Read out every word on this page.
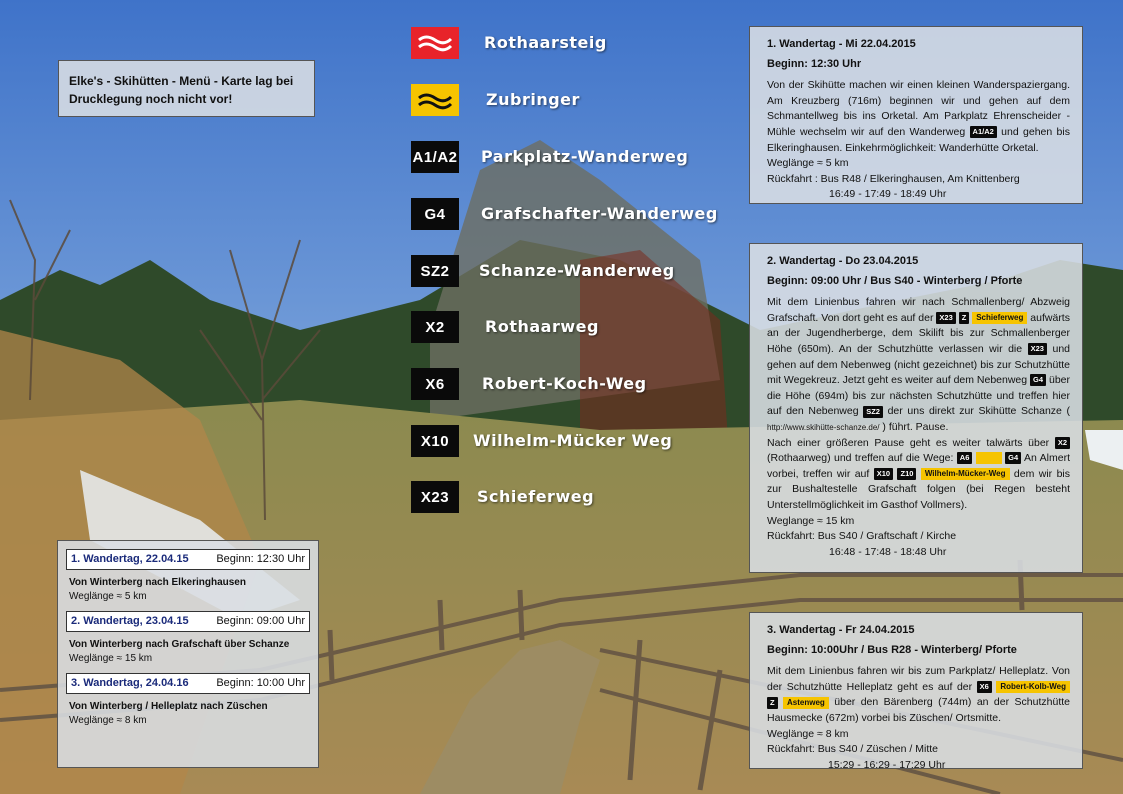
Elke's - Skihütten - Menü - Karte lag bei Drucklegung noch nicht vor!
Rothaarsteig
Zubringer
A1/A2 Parkplatz-Wanderweg
G4	Grafschafter-Wanderweg
SZ2	Schanze-Wanderweg
X2	Rothaarweg
X6	Robert-Koch-Weg
X10	Wilhelm-Mücker Weg
X23	Schieferweg
1. Wandertag - Mi 22.04.2015
Beginn: 12:30 Uhr

Von der Skihütte machen wir einen kleinen Wanderspaziergang. Am Kreuzberg (716m) beginnen wir und gehen auf dem Schmantellweg bis ins Orketal. Am Parkplatz Ehrenscheider - Mühle wechselm wir auf den Wanderweg A1/A2 und gehen bis Elkeringhausen. Einkehrmöglichkeit: Wanderhütte Orketal.

Weglänge ≈ 5 km
Rückfahrt : Bus R48 / Elkeringhausen, Am Knittenberg
16:49 - 17:49 - 18:49 Uhr
2. Wandertag - Do 23.04.2015
Beginn: 09:00 Uhr / Bus S40 - Winterberg / Pforte

Mit dem Linienbus fahren wir nach Schmallenberg/ Abzweig Grafschaft. Von dort geht es auf der X23 Z Schieferweg aufwärts an der Jugendherberge, dem Skilift bis zur Schmallenberger Höhe (650m). An der Schutzhütte verlassen wir die X23 und gehen auf dem Nebenweg (nicht gezeichnet) bis zur Schutzhütte mit Wegekreuz. Jetzt geht es weiter auf dem Nebenweg G4 über die Höhe (694m) bis zur nächsten Schutzhütte und treffen hier auf den Nebenweg SZ2 der uns direkt zur Skihütte Schanze ( http://www.skihütte-schanze.de/ ) führt. Pause.

Nach einer größeren Pause geht es weiter talwärts über X2 (Rothaarweg) und treffen auf die Wege: A6	G4 An Almert vorbei, treffen wir auf X10 Z10 Wilhelm-Mücker-Weg dem wir bis zur Bushaltestelle Grafschaft folgen (bei Regen besteht Unterstellmöglichkeit im Gasthof Vollmers).

Weglange ≈ 15 km
Rückfahrt: Bus S40 / Graftschaft / Kirche
16:48 - 17:48 - 18:48 Uhr
3. Wandertag - Fr 24.04.2015
Beginn: 10:00Uhr / Bus R28 - Winterberg/ Pforte

Mit dem Linienbus fahren wir bis zum Parkplatz/ Helleplatz. Von der Schutzhütte Helleplatz geht es auf der X6 Robert-Kolb-Weg Z Astenweg über den Bärenberg (744m) an der Schutzhütte Hausmecke (672m) vorbei bis Züschen/ Ortsmitte.

Weglänge ≈ 8 km
Rückfahrt: Bus S40 / Züschen / Mitte
15:29 - 16:29 - 17:29 Uhr
1. Wandertag, 22.04.15	Beginn: 12:30 Uhr
Von Winterberg nach Elkeringhausen
Weglänge ≈ 5 km
2. Wandertag, 23.04.15	Beginn: 09:00 Uhr
Von Winterberg nach Grafschaft über Schanze
Weglänge ≈ 15 km
3. Wandertag, 24.04.16	Beginn: 10:00 Uhr
Von Winterberg / Helleplatz nach Züschen
Weglänge ≈ 8 km
